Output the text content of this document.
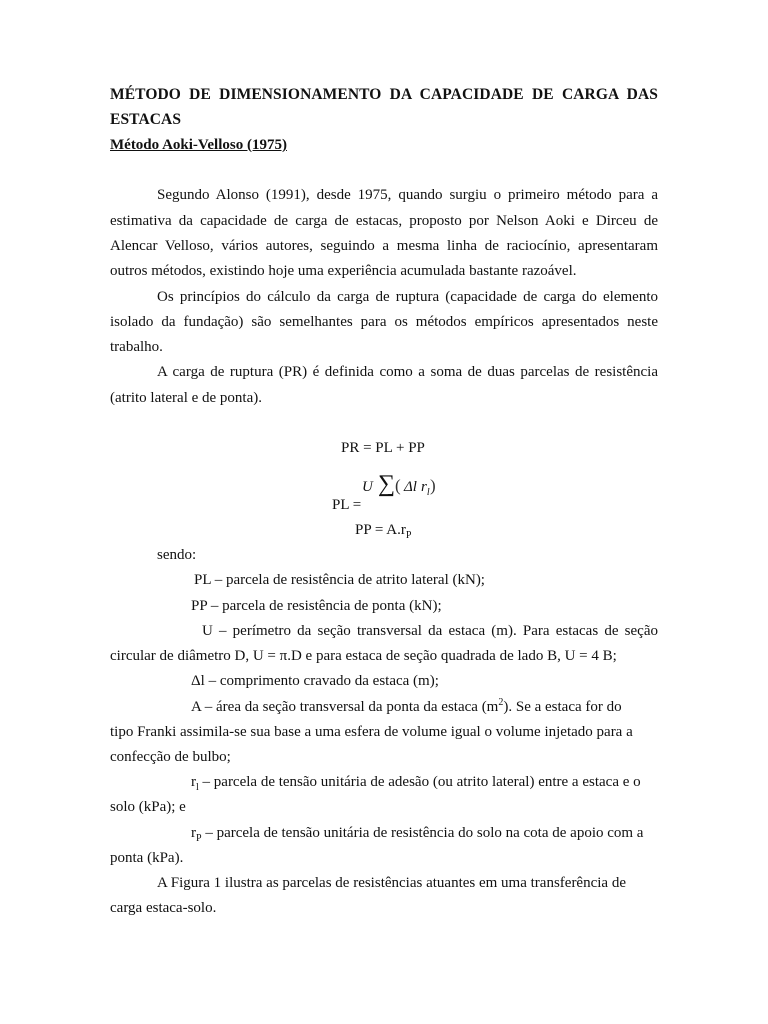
MÉTODO DE DIMENSIONAMENTO DA CAPACIDADE DE CARGA DAS
ESTACAS
Método Aoki-Velloso (1975)
Segundo Alonso (1991), desde 1975, quando surgiu o primeiro método para a
estimativa da capacidade de carga de estacas, proposto por Nelson Aoki e Dirceu de
Alencar Velloso, vários autores, seguindo a mesma linha de raciocínio, apresentaram
outros métodos, existindo hoje uma experiência acumulada bastante razoável.
Os princípios do cálculo da carga de ruptura (capacidade de carga do elemento
isolado da fundação) são semelhantes para os métodos empíricos apresentados neste
trabalho.
A carga de ruptura (PR) é definida como a soma de duas parcelas de resistência
(atrito lateral e de ponta).
PR = PL + PP
PL =
U ∑ ( Δl $r_l$ )
PP = $A.r_P$
sendo:
PL – parcela de resistência de atrito lateral (kN);
PP – parcela de resistência de ponta (kN);
U – perímetro da seção transversal da estaca (m). Para estacas de seção
circular de diâmetro D, U = π.D e para estaca de seção quadrada de lado B, U = 4 B;
Δl – comprimento cravado da estaca (m);
A – área da seção transversal da ponta da estaca $(m^2)$. Se a estaca for do
tipo Franki assimila-se sua base a uma esfera de volume igual o volume injetado para a
confecção de bulbo;
$r_l$ – parcela de tensão unitária de adesão (ou atrito lateral) entre a estaca e o
solo (kPa); e
$r_P$ – parcela de tensão unitária de resistência do solo na cota de apoio com a
ponta (kPa).
A Figura 1 ilustra as parcelas de resistências atuantes em uma transferência de
carga estaca-solo.
